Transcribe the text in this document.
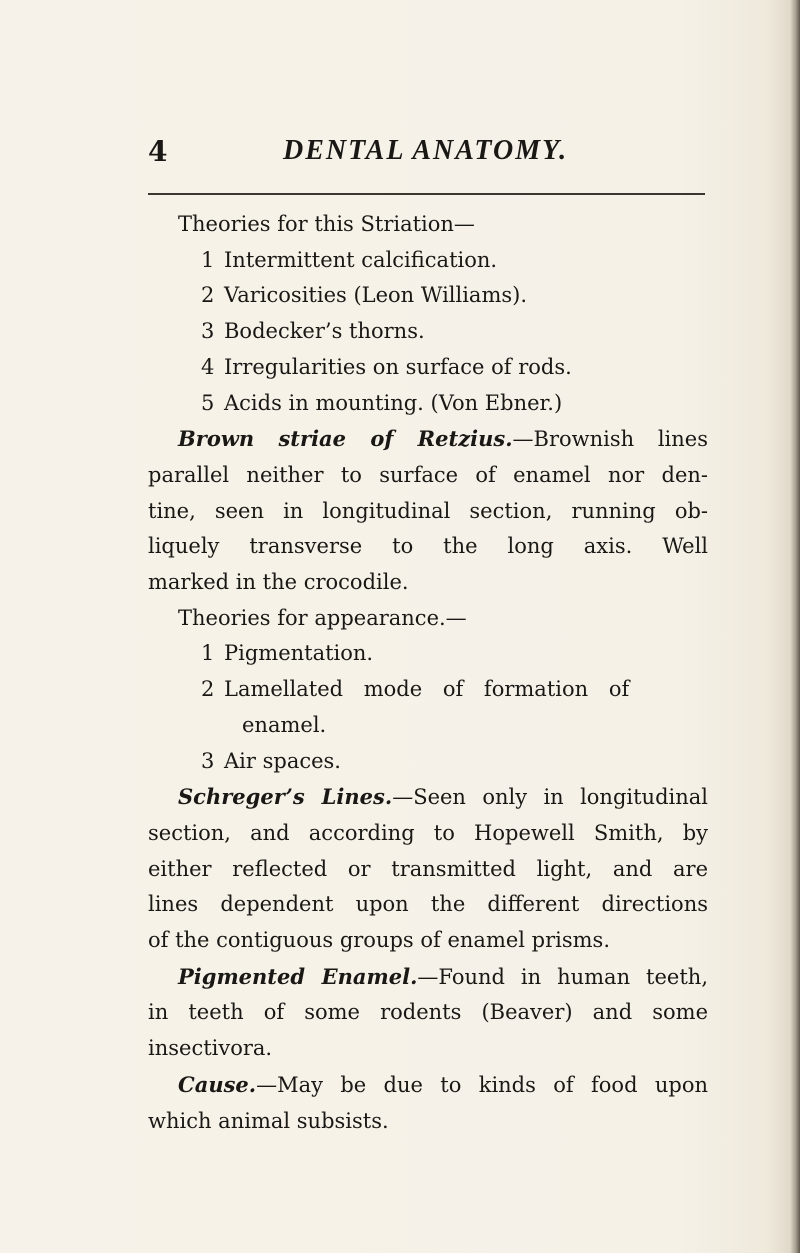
4	DENTAL ANATOMY.
Theories for this Striation—
1 Intermittent calcification.
2 Varicosities (Leon Williams).
3 Bodecker’s thorns.
4 Irregularities on surface of rods.
5 Acids in mounting. (Von Ebner.)
Brown striae of Retzius.—Brownish lines
parallel neither to surface of enamel nor den-
tine, seen in longitudinal section, running ob-
liquely transverse to the long axis. Well
marked in the crocodile.
Theories for appearance.—
1 Pigmentation.
2 Lamellated mode of formation of
enamel.
3 Air spaces.
Schreger’s Lines.—Seen only in longitudinal
section, and according to Hopewell Smith, by
either reflected or transmitted light, and are
lines dependent upon the different directions
of the contiguous groups of enamel prisms.
Pigmented Enamel.—Found in human teeth,
in teeth of some rodents (Beaver) and some
insectivora.
Cause.—May be due to kinds of food upon
which animal subsists.
